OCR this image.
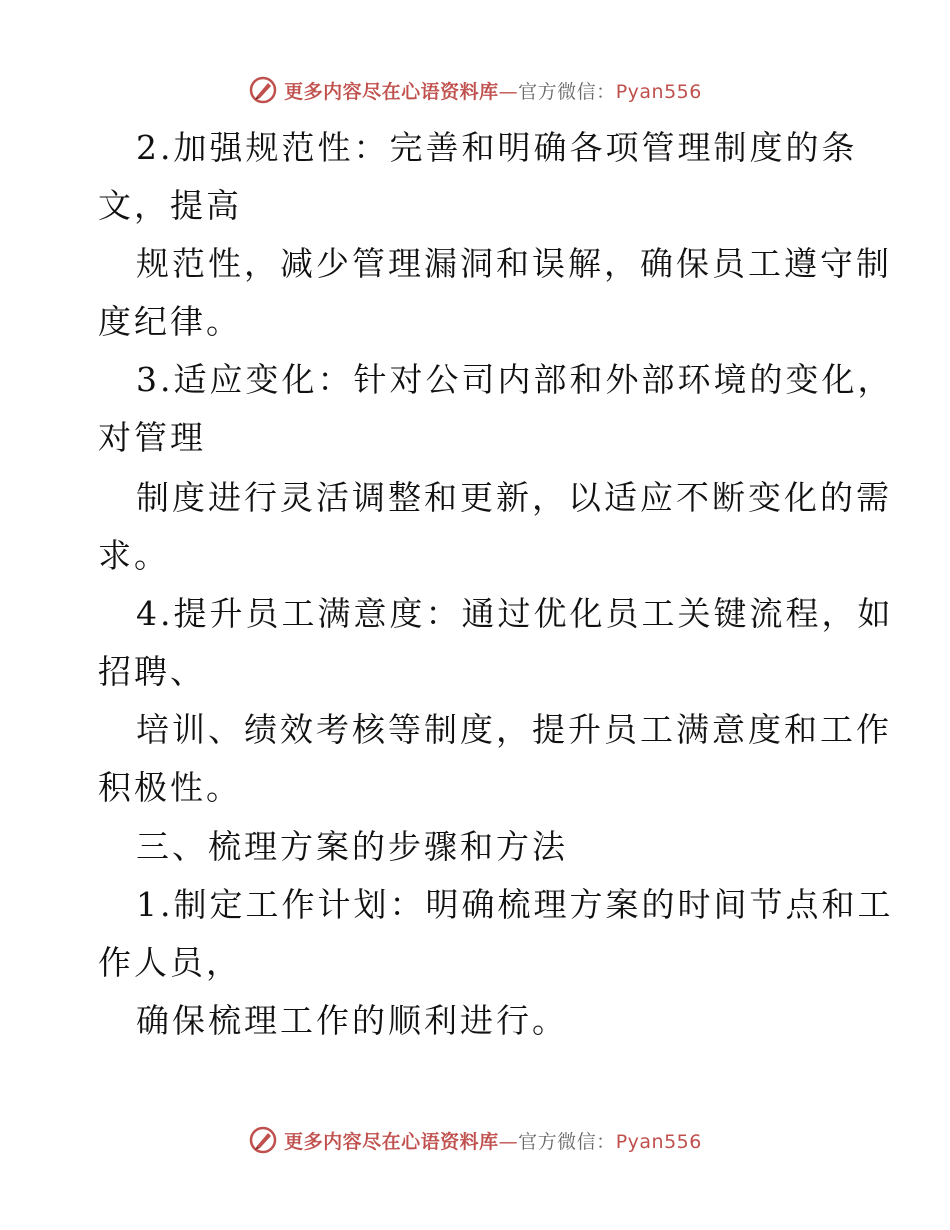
更多内容尽在心语资料库—官方微信：Pyan556
2.加强规范性：完善和明确各项管理制度的条
文，提高
规范性，减少管理漏洞和误解，确保员工遵守制
度纪律。
3.适应变化：针对公司内部和外部环境的变化，
对管理
制度进行灵活调整和更新，以适应不断变化的需
求。
4.提升员工满意度：通过优化员工关键流程，如
招聘、
培训、绩效考核等制度，提升员工满意度和工作
积极性。
三、梳理方案的步骤和方法
1.制定工作计划：明确梳理方案的时间节点和工
作人员，
确保梳理工作的顺利进行。
更多内容尽在心语资料库—官方微信：Pyan556
